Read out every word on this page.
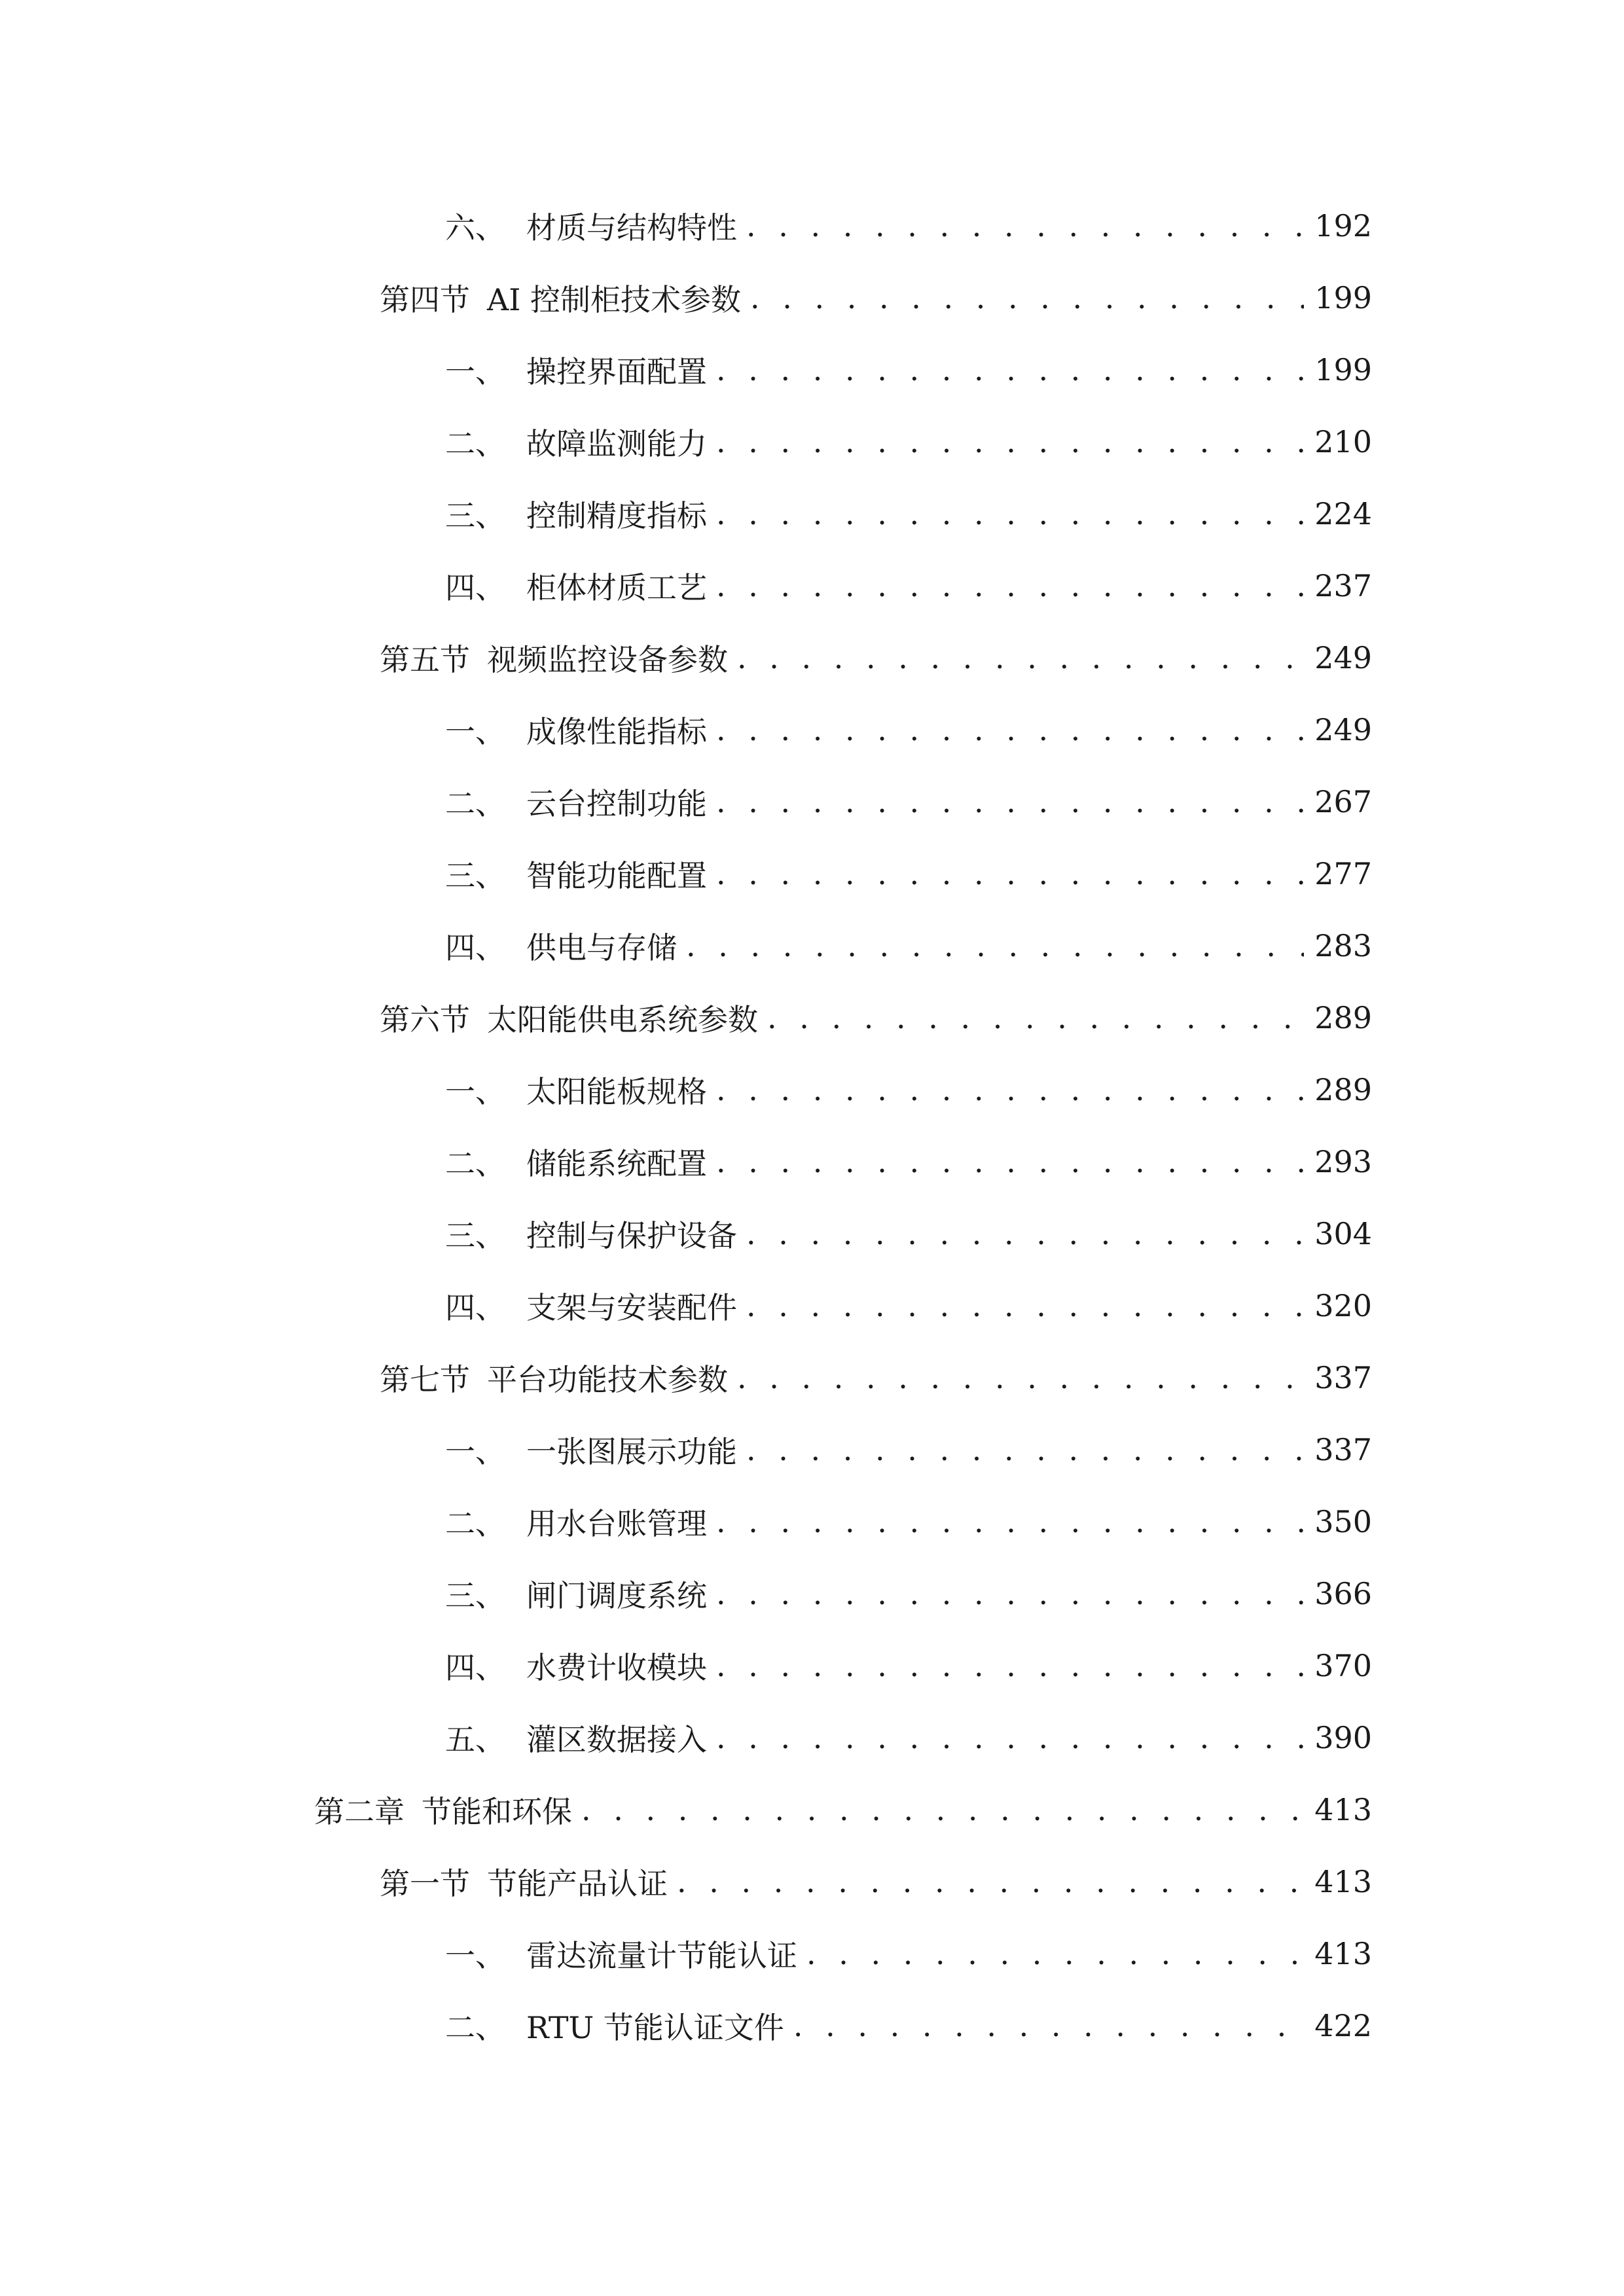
六、 材质与结构特性 . . .	192
第四节 AI 控制柜技术参数 . . .	199
一、 操控界面配置 . . .	199
二、 故障监测能力 . . .	210
三、 控制精度指标 . . .	224
四、 柜体材质工艺 . . .	237
第五节 视频监控设备参数 . . .	249
一、 成像性能指标 . . .	249
二、 云台控制功能 . . .	267
三、 智能功能配置 . . .	277
四、 供电与存储 . . .	283
第六节 太阳能供电系统参数 . . .	289
一、 太阳能板规格 . . .	289
二、 储能系统配置 . . .	293
三、 控制与保护设备 . . .	304
四、 支架与安装配件 . . .	320
第七节 平台功能技术参数 . . .	337
一、 一张图展示功能 . . .	337
二、 用水台账管理 . . .	350
三、 闸门调度系统 . . .	366
四、 水费计收模块 . . .	370
五、 灌区数据接入 . . .	390
第二章 节能和环保 . . .	413
第一节 节能产品认证 . . .	413
一、 雷达流量计节能认证 . . .	413
二、 RTU 节能认证文件 . . .	422
